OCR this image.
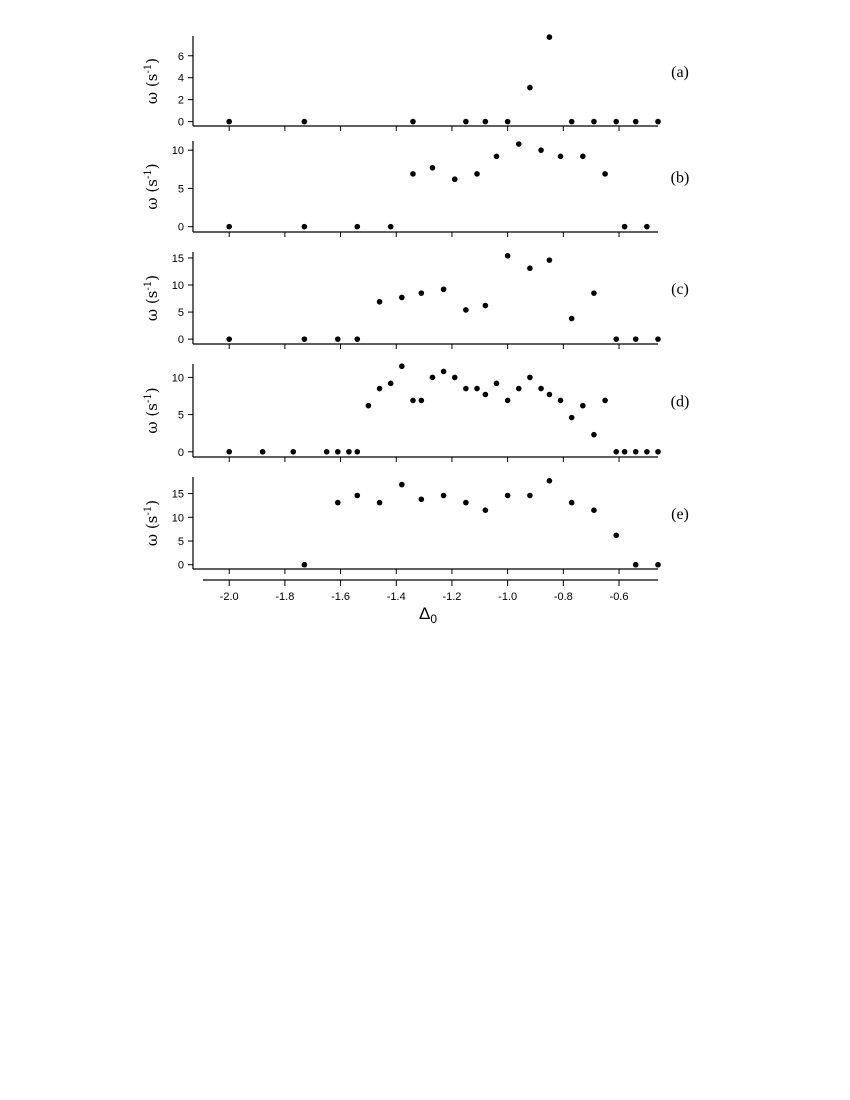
0
2
4
6
ω $(s^{-1})$
(a)
0
5
10
ω $(s^{-1})$
(b)
0
5
10
15
ω $(s^{-1})$
(c)
0
5
10
ω $(s^{-1})$
(d)
0
5
10
15
ω $(s^{-1})$
(e)
-2.0	-1.8	-1.6	-1.4	-1.2	-1.0	-0.8	-0.6
$\Delta_0$
